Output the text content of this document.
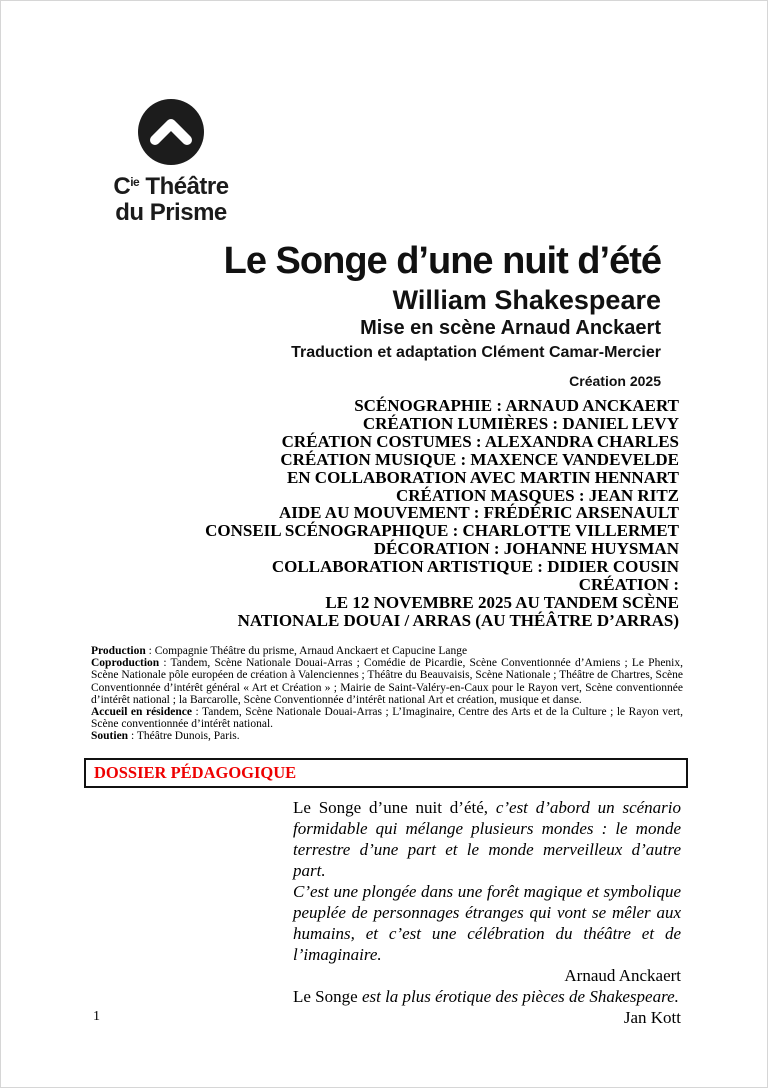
$C^{ie}$ Théâtre
du Prisme
Le Songe d’une nuit d’été
William Shakespeare
Mise en scène Arnaud Anckaert
Traduction et adaptation Clément Camar-Mercier
Création 2025
SCÉNOGRAPHIE : ARNAUD ANCKAERT
CRÉATION LUMIÈRES : DANIEL LEVY
CRÉATION COSTUMES : ALEXANDRA CHARLES
CRÉATION MUSIQUE : MAXENCE VANDEVELDE
EN COLLABORATION AVEC MARTIN HENNART
CRÉATION MASQUES : JEAN RITZ
AIDE AU MOUVEMENT : FRÉDÉRIC ARSENAULT
CONSEIL SCÉNOGRAPHIQUE : CHARLOTTE VILLERMET
DÉCORATION : JOHANNE HUYSMAN
COLLABORATION ARTISTIQUE : DIDIER COUSIN
CRÉATION :
LE 12 NOVEMBRE 2025 AU TANDEM SCÈNE
NATIONALE DOUAI / ARRAS (AU THÉÂTRE D’ARRAS)

Production : Compagnie Théâtre du prisme, Arnaud Anckaert et Capucine Lange

Coproduction : Tandem, Scène Nationale Douai-Arras ; Comédie de Picardie, Scène Conventionnée d’Amiens ; Le Phenix, Scène Nationale pôle européen de création à Valenciennes ; Théâtre du Beauvaisis, Scène Nationale ; Théâtre de Chartres, Scène Conventionnée d’intérêt général « Art et Création » ; Mairie de Saint-Valéry-en-Caux pour le Rayon vert, Scène conventionnée d’intérêt national ; la Barcarolle, Scène Conventionnée d’intérêt national Art et création, musique et danse.

Accueil en résidence : Tandem, Scène Nationale Douai-Arras ; L’Imaginaire, Centre des Arts et de la Culture ; le Rayon vert, Scène conventionnée d’intérêt national.

Soutien : Théâtre Dunois, Paris.

DOSSIER PÉDAGOGIQUE

Le Songe d’une nuit d’été, c’est d’abord un scénario formidable qui mélange plusieurs mondes : le monde terrestre d’une part et le monde merveilleux d’autre part.

C’est une plongée dans une forêt magique et symbolique peuplée de personnages étranges qui vont se mêler aux humains, et c’est une célébration du théâtre et de l’imaginaire.

Arnaud Anckaert

Le Songe est la plus érotique des pièces de Shakespeare.

Jan Kott

1
